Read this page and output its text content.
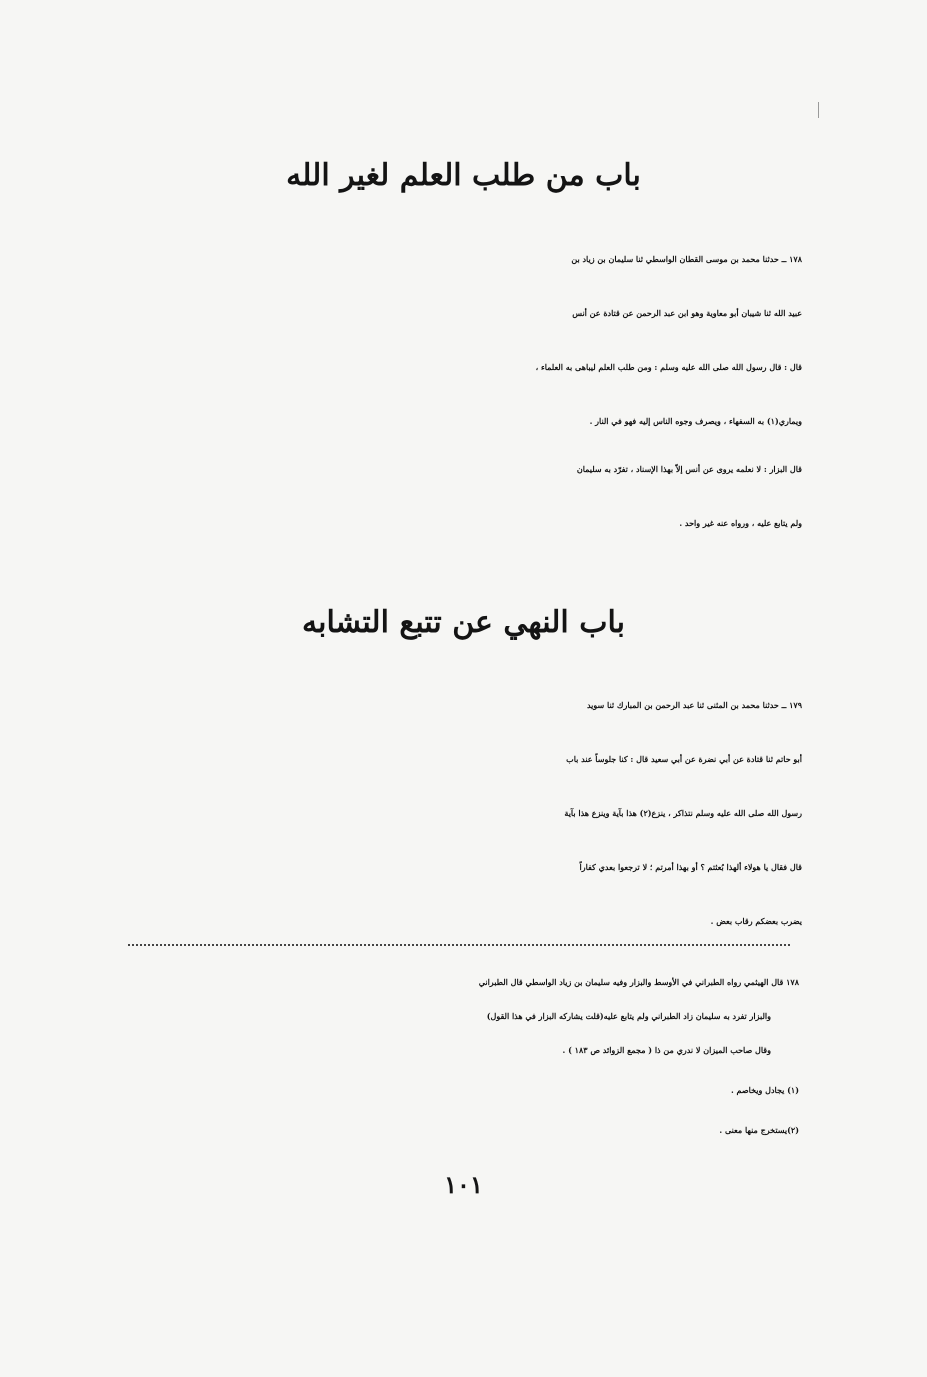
باب من طلب العلم لغير الله
١٧٨ ــ حدثنا محمد بن موسى القطان الواسطي ثنا سليمان بن زياد بن
عبيد الله ثنا شيبان أبو معاوية وهو ابن عبد الرحمن عن قتادة عن أنس
قال : قال رسول الله صلى الله عليه وسلم : ومن طلب العلم ليباهى به العلماء ،
ويماري(١) به السفهاء ، ويصرف وجوه الناس إليه فهو في النار .
قال البزار : لا نعلمه يروى عن أنس إلاّ بهذا الإسناد ، تفرّد به سليمان
ولم يتابع عليه ، ورواه عنه غير واحد .
باب النهي عن تتبع التشابه
١٧٩ ــ حدثنا محمد بن المثنى ثنا عبد الرحمن بن المبارك ثنا سويد
أبو حاتم ثنا قتادة عن أبي نضرة عن أبي سعيد قال : كنا جلوساً عند باب
رسول الله صلى الله عليه وسلم نتذاكر ، ينزع(٢) هذا بآية وينزع هذا بآية
قال فقال يا هولاء ألهذا بُعثتم ؟ أو بهذا أمرتم ؛ لا ترجعوا بعدي كفاراً
يضرب بعضكم رقاب بعض .
١٧٨ قال الهيثمي رواه الطبراني في الأوسط والبزار وفيه سليمان بن زياد الواسطي قال الطبراني
والبزار تفرد به سليمان زاد الطبراني ولم يتابع عليه(قلت يشاركه البزار في هذا القول)
وقال صاحب الميزان لا ندري من ذا ( مجمع الزوائد ص ١٨٣ ) .
(١) يجادل ويخاصم .
(٢)يستخرج منها معنى .
١٠١
